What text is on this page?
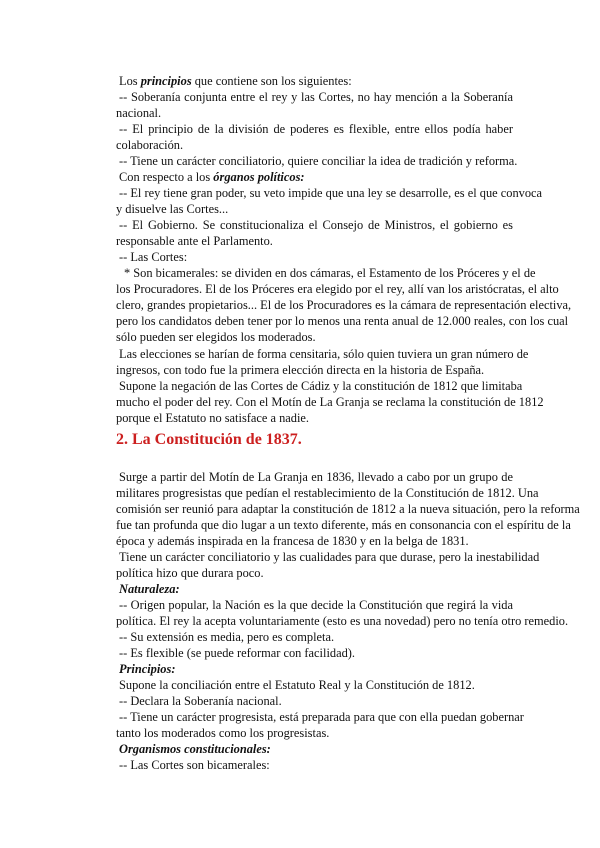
Los principios que contiene son los siguientes:
-- Soberanía conjunta entre el rey y las Cortes, no hay mención a la Soberanía
nacional.
-- El principio de la división de poderes es flexible, entre ellos podía haber
colaboración.
-- Tiene un carácter conciliatorio, quiere conciliar la idea de tradición y reforma.
Con respecto a los órganos políticos:
-- El rey tiene gran poder, su veto impide que una ley se desarrolle, es el que convoca
y disuelve las Cortes...
-- El Gobierno. Se constitucionaliza el Consejo de Ministros, el gobierno es
responsable ante el Parlamento.
-- Las Cortes:
* Son bicamerales: se dividen en dos cámaras, el Estamento de los Próceres y el de
los Procuradores. El de los Próceres era elegido por el rey, allí van los aristócratas, el alto
clero, grandes propietarios... El de los Procuradores es la cámara de representación electiva,
pero los candidatos deben tener por lo menos una renta anual de 12.000 reales, con los cual
sólo pueden ser elegidos los moderados.
Las elecciones se harían de forma censitaria, sólo quien tuviera un gran número de
ingresos, con todo fue la primera elección directa en la historia de España.
Supone la negación de las Cortes de Cádiz y la constitución de 1812 que limitaba
mucho el poder del rey. Con el Motín de La Granja se reclama la constitución de 1812
porque el Estatuto no satisface a nadie.
2. La Constitución de 1837.
Surge a partir del Motín de La Granja en 1836, llevado a cabo por un grupo de
militares progresistas que pedían el restablecimiento de la Constitución de 1812. Una
comisión ser reunió para adaptar la constitución de 1812 a la nueva situación, pero la reforma
fue tan profunda que dio lugar a un texto diferente, más en consonancia con el espíritu de la
época y además inspirada en la francesa de 1830 y en la belga de 1831.
Tiene un carácter conciliatorio y las cualidades para que durase, pero la inestabilidad
política hizo que durara poco.
Naturaleza:
-- Origen popular, la Nación es la que decide la Constitución que regirá la vida
política. El rey la acepta voluntariamente (esto es una novedad) pero no tenía otro remedio.
-- Su extensión es media, pero es completa.
-- Es flexible (se puede reformar con facilidad).
Principios:
Supone la conciliación entre el Estatuto Real y la Constitución de 1812.
-- Declara la Soberanía nacional.
-- Tiene un carácter progresista, está preparada para que con ella puedan gobernar
tanto los moderados como los progresistas.
Organismos constitucionales:
-- Las Cortes son bicamerales:
